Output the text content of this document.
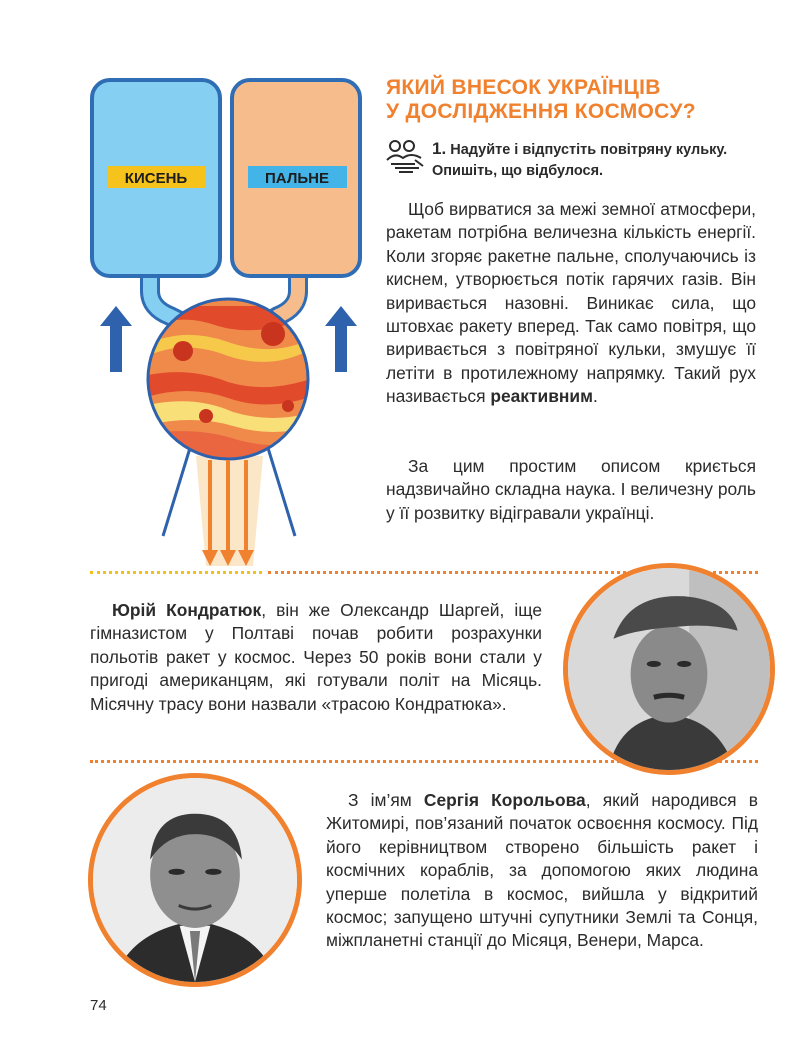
КИСЕНЬ	ПАЛЬНЕ
ЯКИЙ ВНЕСОК УКРАЇНЦІВ
У ДОСЛІДЖЕННЯ КОСМОСУ?
1. Надуйте і відпустіть повітряну кульку. Опишіть, що відбулося.

Щоб вирватися за межі земної атмосфери, ракетам потрібна величезна кількість енергії. Коли згоряє ракетне пальне, сполучаючись із киснем, утворюється потік гарячих газів. Він виривається назовні. Виникає сила, що штовхає ракету вперед. Так само повітря, що виривається з повітряної кульки, змушує її летіти в протилежному напрямку. Такий рух називається реактивним.

За цим простим описом криється надзвичайно складна наука. І величезну роль у її розвитку відігравали українці.

Юрій Кондратюк, він же Олександр Шаргей, іще гімназистом у Полтаві почав робити розрахунки польотів ракет у космос. Через 50 років вони стали у пригоді американцям, які готували політ на Місяць. Місячну трасу вони назвали «трасою Кондратюка».

З ім’ям Сергія Корольова, який народився в Житомирі, пов’язаний початок освоєння космосу. Під його керівництвом створено більшість ракет і космічних кораблів, за допомогою яких людина уперше полетіла в космос, вийшла у відкритий космос; запущено штучні супутники Землі та Сонця, міжпланетні станції до Місяця, Венери, Марса.

74
